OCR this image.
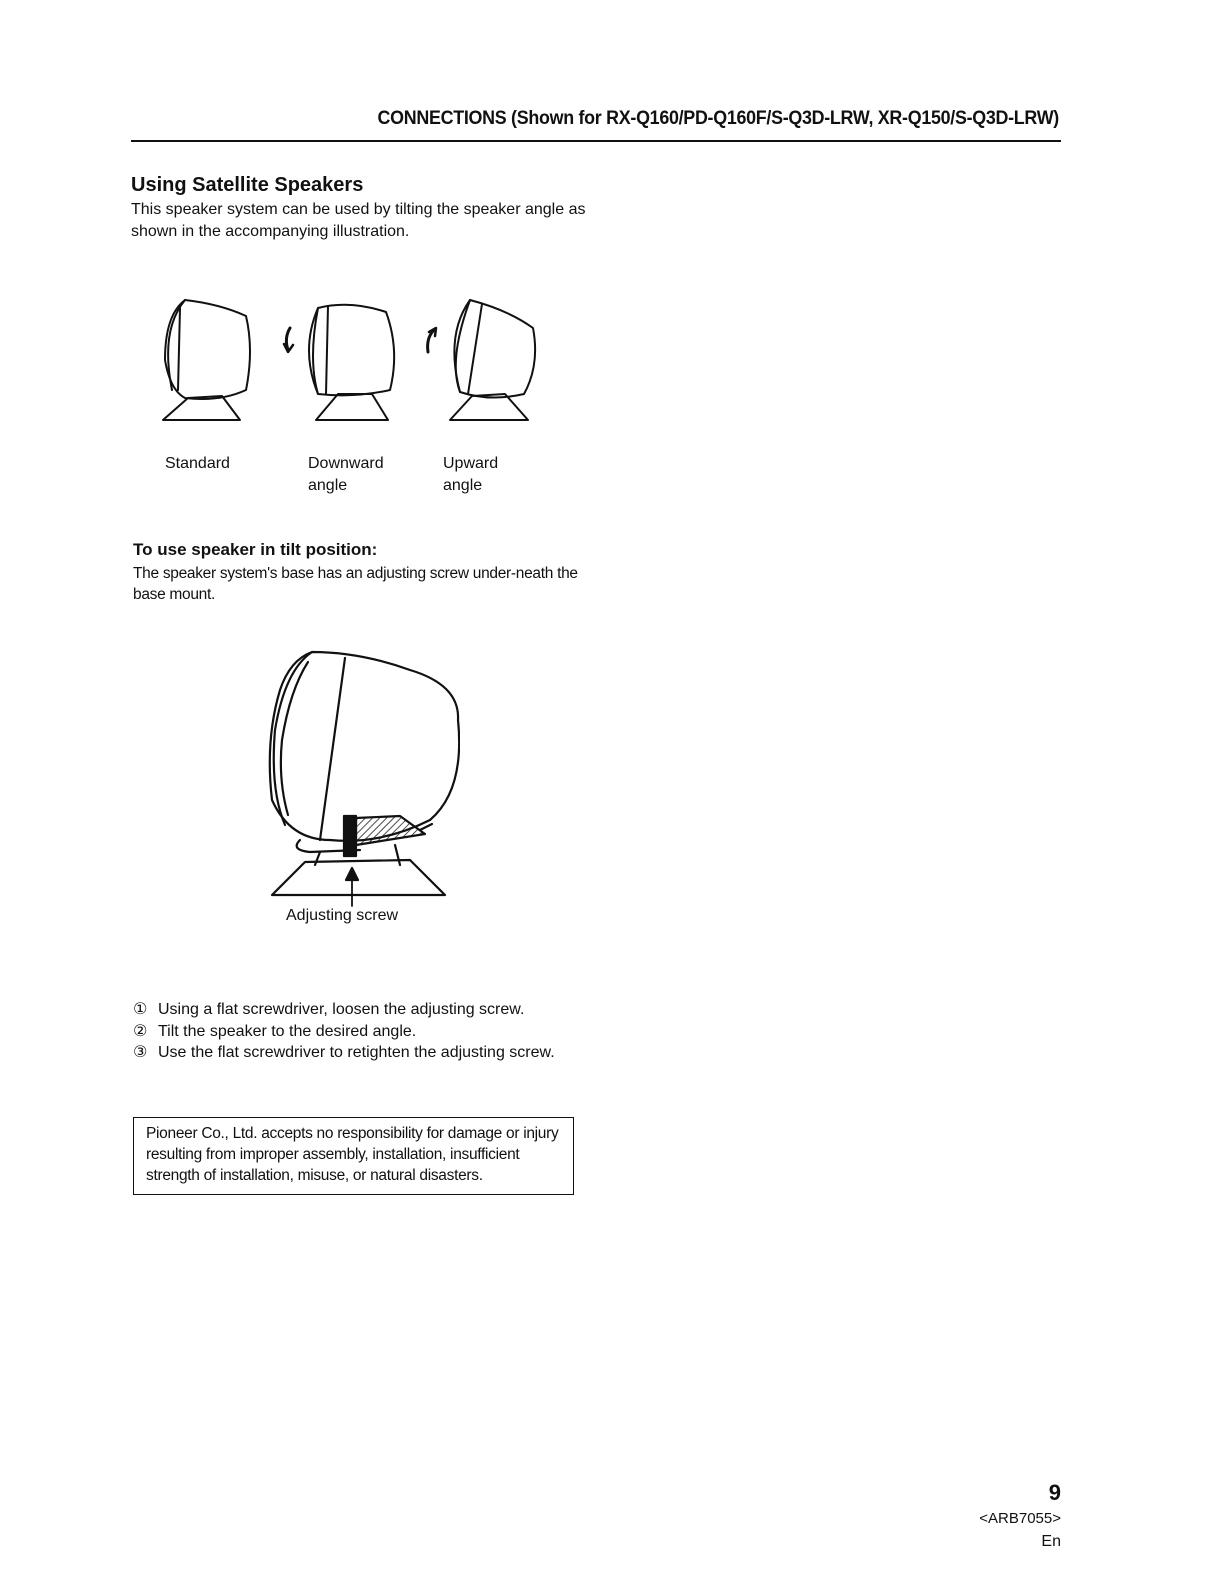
CONNECTIONS (Shown for RX-Q160/PD-Q160F/S-Q3D-LRW, XR-Q150/S-Q3D-LRW)
Using Satellite Speakers
This speaker system can be used by tilting the speaker angle as shown in the accompanying illustration.
Standard	Downward
angle
Upward
angle
To use speaker in tilt position:
The speaker system's base has an adjusting screw under-neath the base mount.
Adjusting screw
① Using a flat screwdriver, loosen the adjusting screw.
② Tilt the speaker to the desired angle.
③ Use the flat screwdriver to retighten the adjusting screw.
Pioneer Co., Ltd. accepts no responsibility for damage or injury resulting from improper assembly, installation, insufficient strength of installation, misuse, or natural disasters.
9
<ARB7055>
En
